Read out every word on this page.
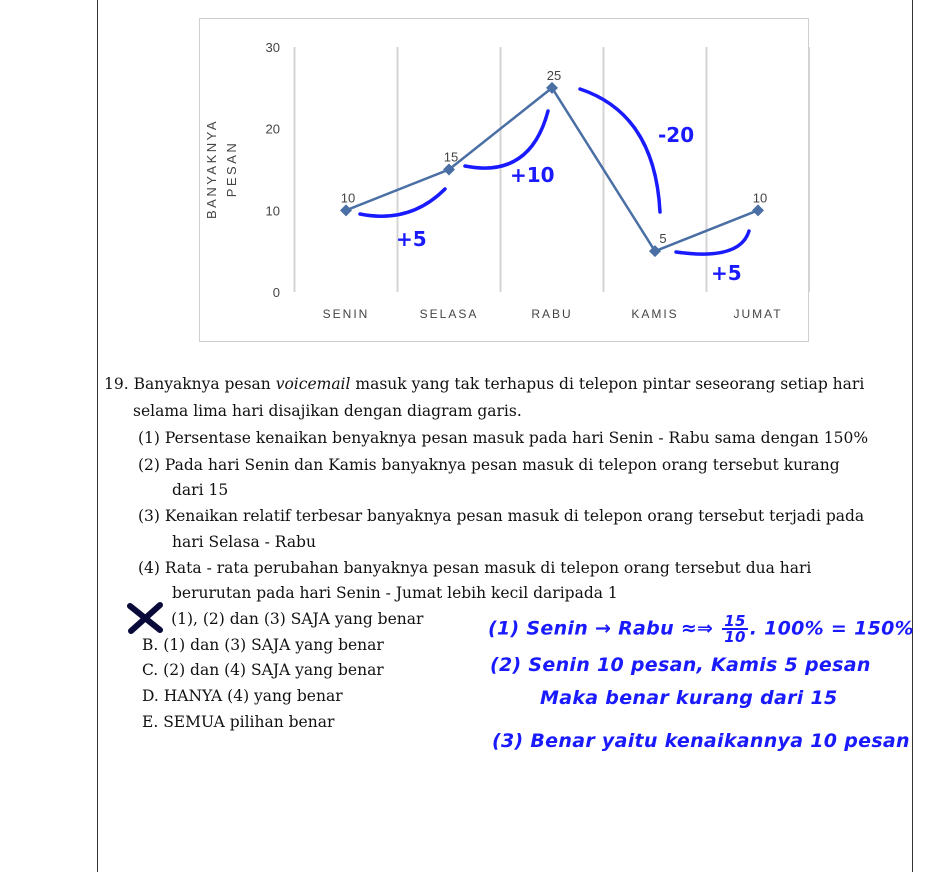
0
10
20
30
BANYAKNYA PESAN
SENIN	SELASA	RABU	KAMIS	JUMAT
10
15
25
5
10
+5
+10
-20
+5
19. Banyaknya pesan voicemail masuk yang tak terhapus di telepon pintar seseorang setiap hari
selama lima hari disajikan dengan diagram garis.
(1) Persentase kenaikan benyaknya pesan masuk pada hari Senin - Rabu sama dengan 150%
(2) Pada hari Senin dan Kamis banyaknya pesan masuk di telepon orang tersebut kurang
dari 15
(3) Kenaikan relatif terbesar banyaknya pesan masuk di telepon orang tersebut terjadi pada
hari Selasa - Rabu
(4) Rata - rata perubahan banyaknya pesan masuk di telepon orang tersebut dua hari
berurutan pada hari Senin - Jumat lebih kecil daripada 1
(1), (2) dan (3) SAJA yang benar
B. (1) dan (3) SAJA yang benar
C. (2) dan (4) SAJA yang benar
D. HANYA (4) yang benar
E. SEMUA pilihan benar
(1) Senin → Rabu ≈⇒ $\frac{15}{10}$ . 100% = 150%
(2) Senin 10 pesan, Kamis 5 pesan
Maka benar kurang dari 15
(3) Benar yaitu kenaikannya 10 pesan
